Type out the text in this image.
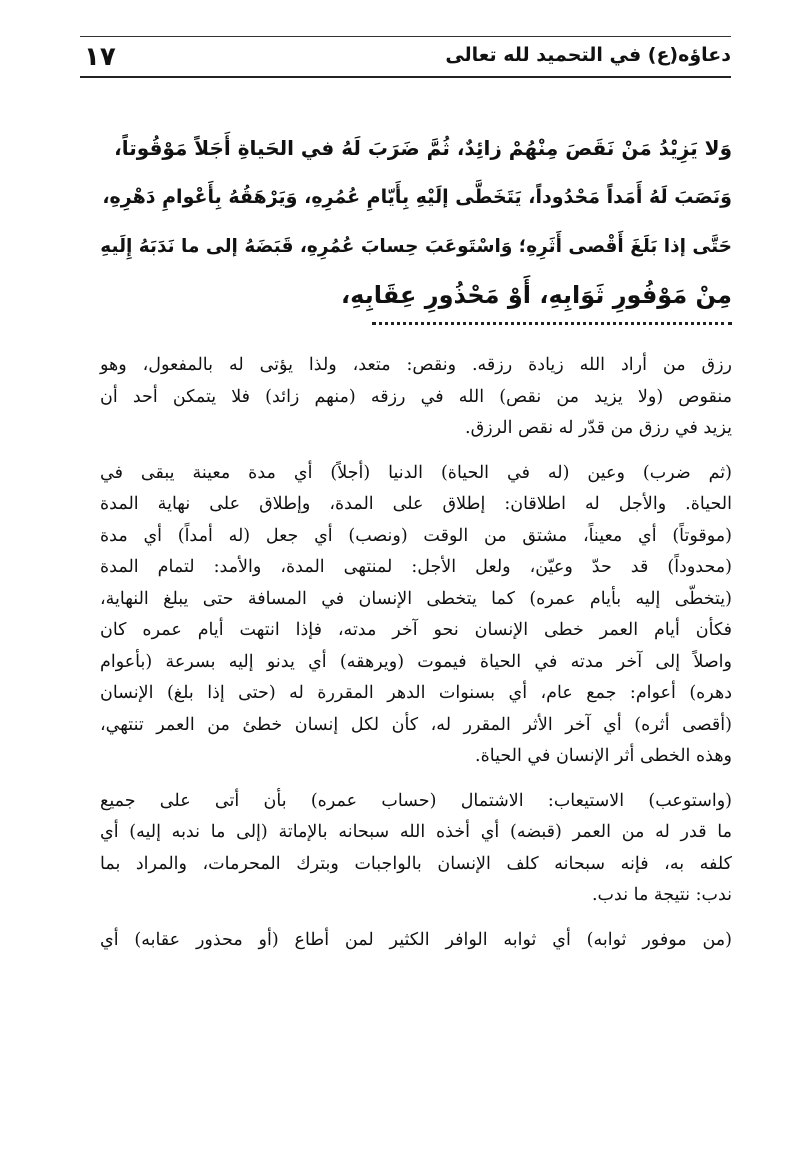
١٧	دعاؤه(ع) في التحميد لله تعالى
وَلا يَزِيْدُ مَنْ نَقَصَ مِنْهُمْ زائِدٌ، ثُمَّ ضَرَبَ لَهُ في الحَياةِ أَجَلاً مَوْقُوتاً،
وَنَصَبَ لَهُ أَمَداً مَحْدُوداً، يَتَخَطَّى إلَيْهِ بِأَيّامِ عُمُرِهِ، وَيَرْهَقُهُ بِأَعْوامِ دَهْرِهِ،
حَتَّى إذا بَلَغَ أَقْصى أَثَرِهِ؛ وَاسْتَوعَبَ حِسابَ عُمُرِهِ، قَبَضَهُ إلى ما نَدَبَهُ إِلَيهِ
مِنْ مَوْفُورِ ثَوَابِهِ، أَوْ مَحْذُورِ عِقَابِهِ،
رزق من أراد الله زيادة رزقه. ونقص: متعد، ولذا يؤتى له بالمفعول، وهو
منقوص (ولا يزيد من نقص) الله في رزقه (منهم زائد) فلا يتمكن أحد أن
يزيد في رزق من قدّر له نقص الرزق.
(ثم ضرب) وعين (له في الحياة) الدنيا (أجلاً) أي مدة معينة يبقى في
الحياة. والأجل له اطلاقان: إطلاق على المدة، وإطلاق على نهاية المدة
(موقوتاً) أي معيناً، مشتق من الوقت (ونصب) أي جعل (له أمداً) أي مدة
(محدوداً) قد حدّ وعيّن، ولعل الأجل: لمنتهى المدة، والأمد: لتمام المدة
(يتخطّى إليه بأيام عمره) كما يتخطى الإنسان في المسافة حتى يبلغ النهاية،
فكأن أيام العمر خطى الإنسان نحو آخر مدته، فإذا انتهت أيام عمره كان
واصلاً إلى آخر مدته في الحياة فيموت (ويرهقه) أي يدنو إليه بسرعة (بأعوام
دهره) أعوام: جمع عام، أي بسنوات الدهر المقررة له (حتى إذا بلغ) الإنسان
(أقصى أثره) أي آخر الأثر المقرر له، كأن لكل إنسان خطئ من العمر تنتهي،
وهذه الخطى أثر الإنسان في الحياة.
(واستوعب) الاستيعاب: الاشتمال (حساب عمره) بأن أتى على جميع
ما قدر له من العمر (قبضه) أي أخذه الله سبحانه بالإماتة (إلى ما ندبه إليه) أي
كلفه به، فإنه سبحانه كلف الإنسان بالواجبات وبترك المحرمات، والمراد بما
ندب: نتيجة ما ندب.
(من موفور ثوابه) أي ثوابه الوافر الكثير لمن أطاع (أو محذور عقابه) أي
